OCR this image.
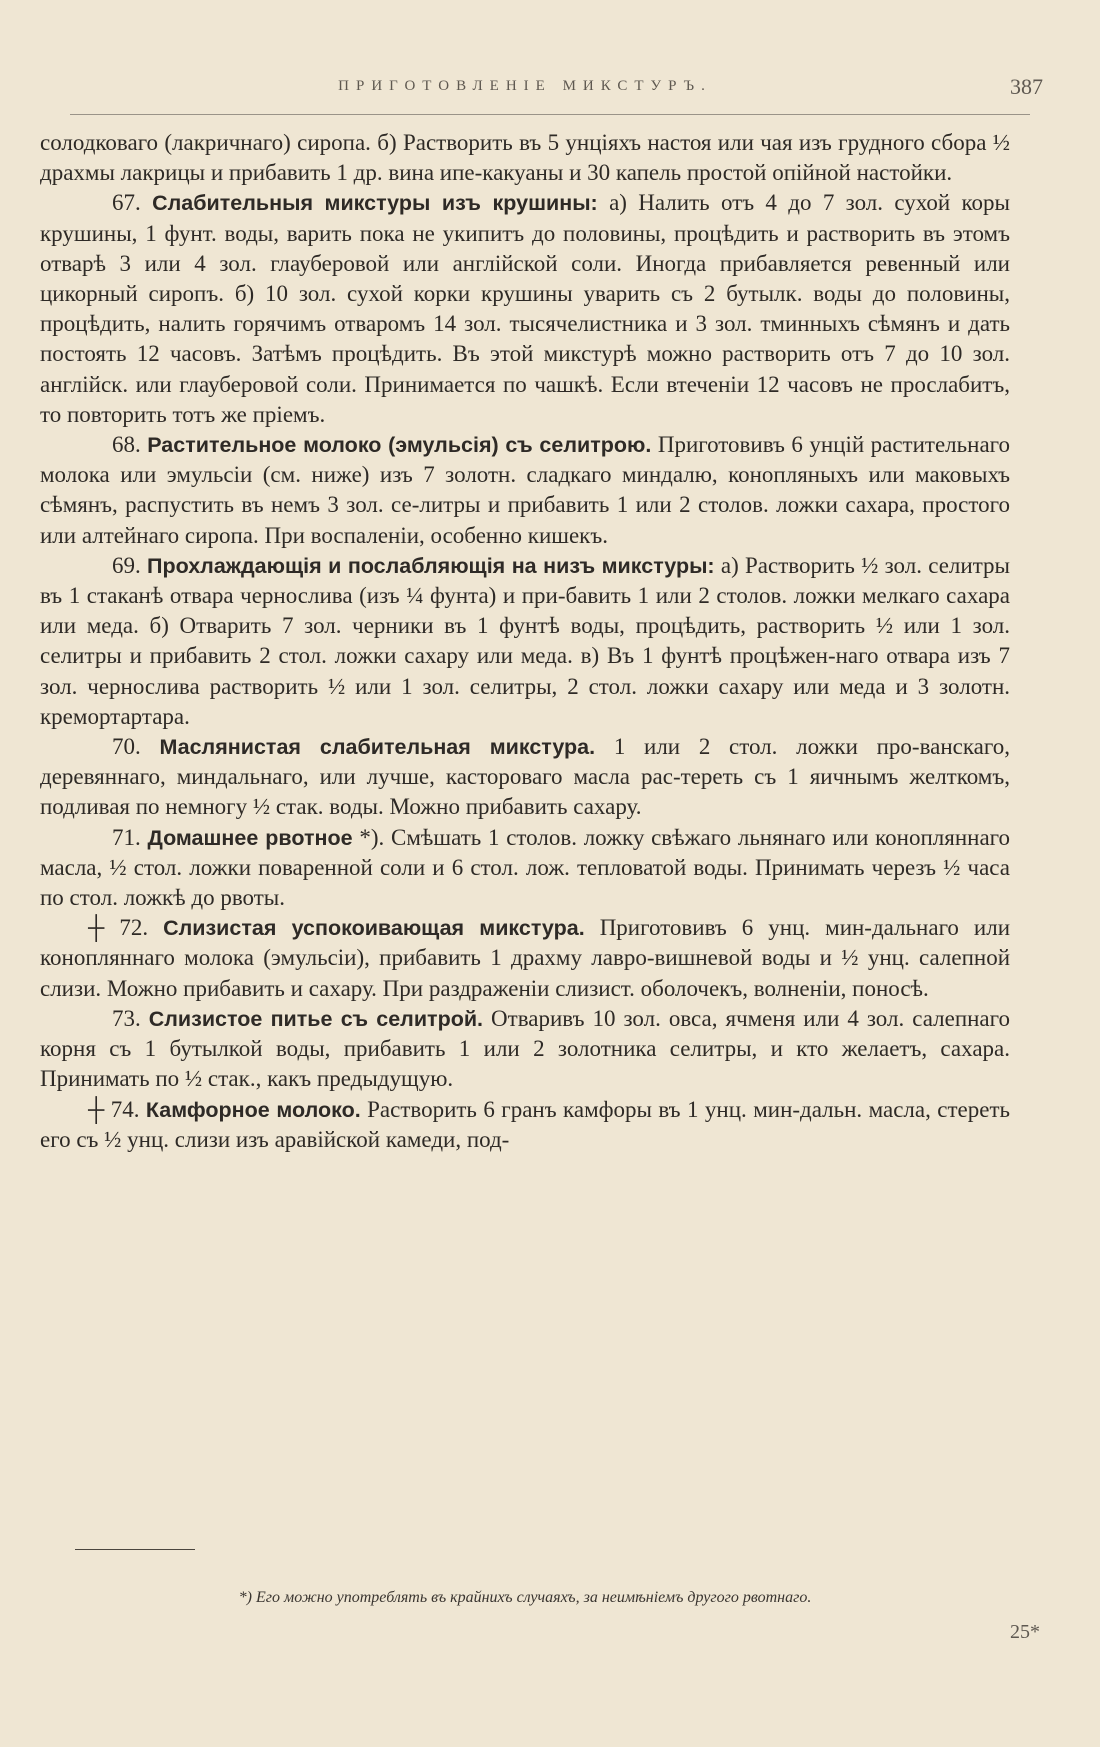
ПРИГОТОВЛЕНІЕ МИКСТУРЪ.	387

солодковаго (лакричнаго) сиропа. б) Растворить въ 5 унціяхъ настоя или чая изъ грудного сбора ½ драхмы лакрицы и прибавить 1 др. вина ипе-какуаны и 30 капель простой опійной настойки.

67. Слабительныя микстуры изъ крушины: а) Налить отъ 4 до 7 зол. сухой коры крушины, 1 фунт. воды, варить пока не укипитъ до половины, процѣдить и растворить въ этомъ отварѣ 3 или 4 зол. глауберовой или англійской соли. Иногда прибавляется ревенный или цикорный сиропъ. б) 10 зол. сухой корки крушины уварить съ 2 бутылк. воды до половины, процѣдить, налить горячимъ отваромъ 14 зол. тысячелистника и 3 зол. тминныхъ сѣмянъ и дать постоять 12 часовъ. Затѣмъ процѣдить. Въ этой микстурѣ можно растворить отъ 7 до 10 зол. англійск. или глауберовой соли. Принимается по чашкѣ. Если втеченіи 12 часовъ не прослабитъ, то повторить тотъ же пріемъ.

68. Растительное молоко (эмульсія) съ селитрою. Приготовивъ 6 унцій растительнаго молока или эмульсіи (см. ниже) изъ 7 золотн. сладкаго миндалю, конопляныхъ или маковыхъ сѣмянъ, распустить въ немъ 3 зол. се-литры и прибавить 1 или 2 столов. ложки сахара, простого или алтейнаго сиропа. При воспаленіи, особенно кишекъ.

69. Прохлаждающія и послабляющія на низъ микстуры: а) Растворить ½ зол. селитры въ 1 стаканѣ отвара чернослива (изъ ¼ фунта) и при-бавить 1 или 2 столов. ложки мелкаго сахара или меда. б) Отварить 7 зол. черники въ 1 фунтѣ воды, процѣдить, растворить ½ или 1 зол. селитры и прибавить 2 стол. ложки сахару или меда. в) Въ 1 фунтѣ процѣжен-наго отвара изъ 7 зол. чернослива растворить ½ или 1 зол. селитры, 2 стол. ложки сахару или меда и 3 золотн. кремортартара.

70. Маслянистая слабительная микстура. 1 или 2 стол. ложки про-ванскаго, деревяннаго, миндальнаго, или лучше, касторoваго масла рас-тереть съ 1 яичнымъ желткомъ, подливая по немногу ½ стак. воды. Можно прибавить сахару.

71. Домашнее рвотное *). Смѣшать 1 столов. ложку свѣжаго льнянаго или конопляннаго масла, ½ стол. ложки поваренной соли и 6 стол. лож. тепловатой воды. Принимать черезъ ½ часа по стол. ложкѣ до рвоты.

┼ 72. Слизистая успокоивающая микстура. Приготовивъ 6 унц. мин-дальнаго или конопляннаго молока (эмульсіи), прибавить 1 драхму лавро-вишневой воды и ½ унц. салепной слизи. Можно прибавить и сахару. При раздраженіи слизист. оболочекъ, волненіи, поносѣ.

73. Слизистое питье съ селитрой. Отваривъ 10 зол. овса, ячменя или 4 зол. салепнаго корня съ 1 бутылкой воды, прибавить 1 или 2 золотника селитры, и кто желаетъ, сахара. Принимать по ½ стак., какъ предыдущую.

┼ 74. Камфорное молоко. Растворить 6 гранъ камфоры въ 1 унц. мин-дальн. масла, стереть его съ ½ унц. слизи изъ аравійской камеди, под-

*) Его можно употреблять въ крайнихъ случаяхъ, за неимѣніемъ другого рвотнаго.
25*
